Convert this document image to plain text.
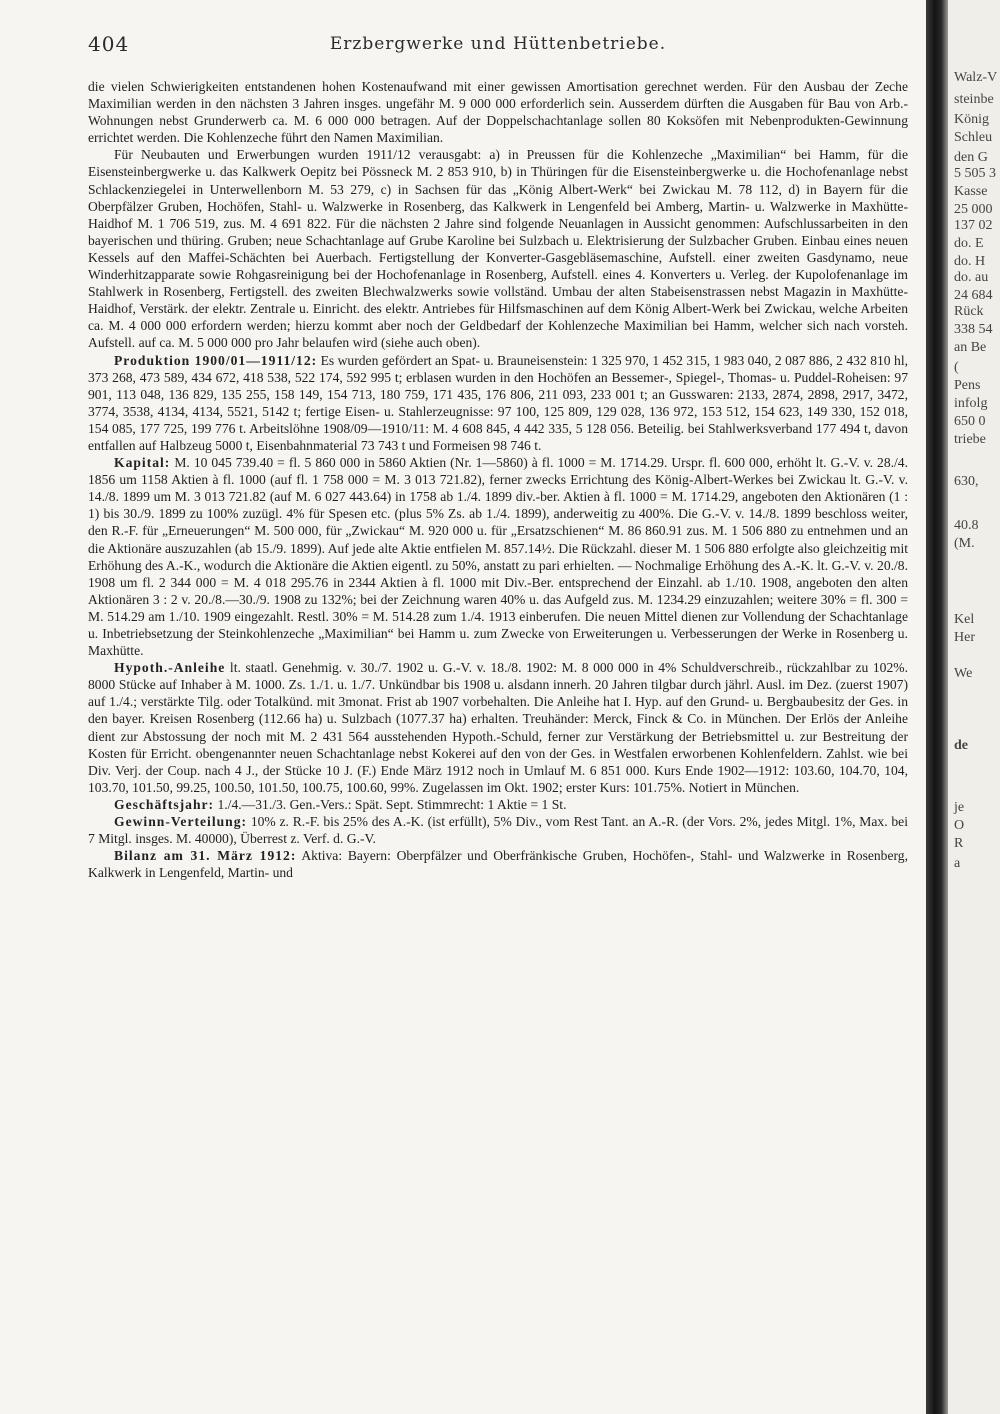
404	Erzbergwerke und Hüttenbetriebe.

die vielen Schwierigkeiten entstandenen hohen Kostenaufwand mit einer gewissen Amortisation gerechnet werden. Für den Ausbau der Zeche Maximilian werden in den nächsten 3 Jahren insges. ungefähr M. 9 000 000 erforderlich sein. Ausserdem dürften die Ausgaben für Bau von Arb.-Wohnungen nebst Grunderwerb ca. M. 6 000 000 betragen. Auf der Doppelschachtanlage sollen 80 Koksöfen mit Nebenprodukten-Gewinnung errichtet werden. Die Kohlenzeche führt den Namen Maximilian.

Für Neubauten und Erwerbungen wurden 1911/12 verausgabt: a) in Preussen für die Kohlenzeche „Maximilian“ bei Hamm, für die Eisensteinbergwerke u. das Kalkwerk Oepitz bei Pössneck M. 2 853 910, b) in Thüringen für die Eisensteinbergwerke u. die Hochofenanlage nebst Schlackenziegelei in Unterwellenborn M. 53 279, c) in Sachsen für das „König Albert-Werk“ bei Zwickau M. 78 112, d) in Bayern für die Oberpfälzer Gruben, Hochöfen, Stahl- u. Walzwerke in Rosenberg, das Kalkwerk in Lengenfeld bei Amberg, Martin- u. Walzwerke in Maxhütte-Haidhof M. 1 706 519, zus. M. 4 691 822. Für die nächsten 2 Jahre sind folgende Neuanlagen in Aussicht genommen: Aufschlussarbeiten in den bayerischen und thüring. Gruben; neue Schachtanlage auf Grube Karoline bei Sulzbach u. Elektrisierung der Sulzbacher Gruben. Einbau eines neuen Kessels auf den Maffei-Schächten bei Auerbach. Fertigstellung der Konverter-Gasgebläsemaschine, Aufstell. einer zweiten Gasdynamo, neue Winderhitzapparate sowie Rohgasreinigung bei der Hochofenanlage in Rosenberg, Aufstell. eines 4. Konverters u. Verleg. der Kupolofenanlage im Stahlwerk in Rosenberg, Fertigstell. des zweiten Blechwalzwerks sowie vollständ. Umbau der alten Stabeisenstrassen nebst Magazin in Maxhütte-Haidhof, Verstärk. der elektr. Zentrale u. Einricht. des elektr. Antriebes für Hilfsmaschinen auf dem König Albert-Werk bei Zwickau, welche Arbeiten ca. M. 4 000 000 erfordern werden; hierzu kommt aber noch der Geldbedarf der Kohlenzeche Maximilian bei Hamm, welcher sich nach vorsteh. Aufstell. auf ca. M. 5 000 000 pro Jahr belaufen wird (siehe auch oben).

Produktion 1900/01—1911/12: Es wurden gefördert an Spat- u. Brauneisenstein: 1 325 970, 1 452 315, 1 983 040, 2 087 886, 2 432 810 hl, 373 268, 473 589, 434 672, 418 538, 522 174, 592 995 t; erblasen wurden in den Hochöfen an Bessemer-, Spiegel-, Thomas- u. Puddel-Roheisen: 97 901, 113 048, 136 829, 135 255, 158 149, 154 713, 180 759, 171 435, 176 806, 211 093, 233 001 t; an Gusswaren: 2133, 2874, 2898, 2917, 3472, 3774, 3538, 4134, 4134, 5521, 5142 t; fertige Eisen- u. Stahlerzeugnisse: 97 100, 125 809, 129 028, 136 972, 153 512, 154 623, 149 330, 152 018, 154 085, 177 725, 199 776 t. Arbeitslöhne 1908/09—1910/11: M. 4 608 845, 4 442 335, 5 128 056. Beteilig. bei Stahlwerksverband 177 494 t, davon entfallen auf Halbzeug 5000 t, Eisenbahnmaterial 73 743 t und Formeisen 98 746 t.

Kapital: M. 10 045 739.40 = fl. 5 860 000 in 5860 Aktien (Nr. 1—5860) à fl. 1000 = M. 1714.29. Urspr. fl. 600 000, erhöht lt. G.-V. v. 28./4. 1856 um 1158 Aktien à fl. 1000 (auf fl. 1 758 000 = M. 3 013 721.82), ferner zwecks Errichtung des König-Albert-Werkes bei Zwickau lt. G.-V. v. 14./8. 1899 um M. 3 013 721.82 (auf M. 6 027 443.64) in 1758 ab 1./4. 1899 div.-ber. Aktien à fl. 1000 = M. 1714.29, angeboten den Aktionären (1 : 1) bis 30./9. 1899 zu 100% zuzügl. 4% für Spesen etc. (plus 5% Zs. ab 1./4. 1899), anderweitig zu 400%. Die G.-V. v. 14./8. 1899 beschloss weiter, den R.-F. für „Erneuerungen“ M. 500 000, für „Zwickau“ M. 920 000 u. für „Ersatzschienen“ M. 86 860.91 zus. M. 1 506 880 zu entnehmen und an die Aktionäre auszuzahlen (ab 15./9. 1899). Auf jede alte Aktie entfielen M. 857.14½. Die Rückzahl. dieser M. 1 506 880 erfolgte also gleichzeitig mit Erhöhung des A.-K., wodurch die Aktionäre die Aktien eigentl. zu 50%, anstatt zu pari erhielten. — Nochmalige Erhöhung des A.-K. lt. G.-V. v. 20./8. 1908 um fl. 2 344 000 = M. 4 018 295.76 in 2344 Aktien à fl. 1000 mit Div.-Ber. entsprechend der Einzahl. ab 1./10. 1908, angeboten den alten Aktionären 3 : 2 v. 20./8.—30./9. 1908 zu 132%; bei der Zeichnung waren 40% u. das Aufgeld zus. M. 1234.29 einzuzahlen; weitere 30% = fl. 300 = M. 514.29 am 1./10. 1909 eingezahlt. Restl. 30% = M. 514.28 zum 1./4. 1913 einberufen. Die neuen Mittel dienen zur Vollendung der Schachtanlage u. Inbetriebsetzung der Steinkohlenzeche „Maximilian“ bei Hamm u. zum Zwecke von Erweiterungen u. Verbesserungen der Werke in Rosenberg u. Maxhütte.

Hypoth.-Anleihe lt. staatl. Genehmig. v. 30./7. 1902 u. G.-V. v. 18./8. 1902: M. 8 000 000 in 4% Schuldverschreib., rückzahlbar zu 102%. 8000 Stücke auf Inhaber à M. 1000. Zs. 1./1. u. 1./7. Unkündbar bis 1908 u. alsdann innerh. 20 Jahren tilgbar durch jährl. Ausl. im Dez. (zuerst 1907) auf 1./4.; verstärkte Tilg. oder Totalkünd. mit 3monat. Frist ab 1907 vorbehalten. Die Anleihe hat I. Hyp. auf den Grund- u. Bergbaubesitz der Ges. in den bayer. Kreisen Rosenberg (112.66 ha) u. Sulzbach (1077.37 ha) erhalten. Treuhänder: Merck, Finck & Co. in München. Der Erlös der Anleihe dient zur Abstossung der noch mit M. 2 431 564 ausstehenden Hypoth.-Schuld, ferner zur Verstärkung der Betriebsmittel u. zur Bestreitung der Kosten für Erricht. obengenannter neuen Schachtanlage nebst Kokerei auf den von der Ges. in Westfalen erworbenen Kohlenfeldern. Zahlst. wie bei Div. Verj. der Coup. nach 4 J., der Stücke 10 J. (F.) Ende März 1912 noch in Umlauf M. 6 851 000. Kurs Ende 1902—1912: 103.60, 104.70, 104, 103.70, 101.50, 99.25, 100.50, 101.50, 100.75, 100.60, 99%. Zugelassen im Okt. 1902; erster Kurs: 101.75%. Notiert in München.

Geschäftsjahr: 1./4.—31./3. Gen.-Vers.: Spät. Sept. Stimmrecht: 1 Aktie = 1 St.

Gewinn-Verteilung: 10% z. R.-F. bis 25% des A.-K. (ist erfüllt), 5% Div., vom Rest Tant. an A.-R. (der Vors. 2%, jedes Mitgl. 1%, Max. bei 7 Mitgl. insges. M. 40000), Überrest z. Verf. d. G.-V.

Bilanz am 31. März 1912: Aktiva: Bayern: Oberpfälzer und Oberfränkische Gruben, Hochöfen-, Stahl- und Walzwerke in Rosenberg, Kalkwerk in Lengenfeld, Martin- und

Walz-V
steinbe
König
Schleu
den G
5 505 3
Kasse
25 000
137 02
do. E
do. H
do. au
24 684
Rück
338 54
an Be
(
Pens
infolg
650 0
triebe
630,
40.8
(M.
Kel
Her
We
de
je
O
R
a
